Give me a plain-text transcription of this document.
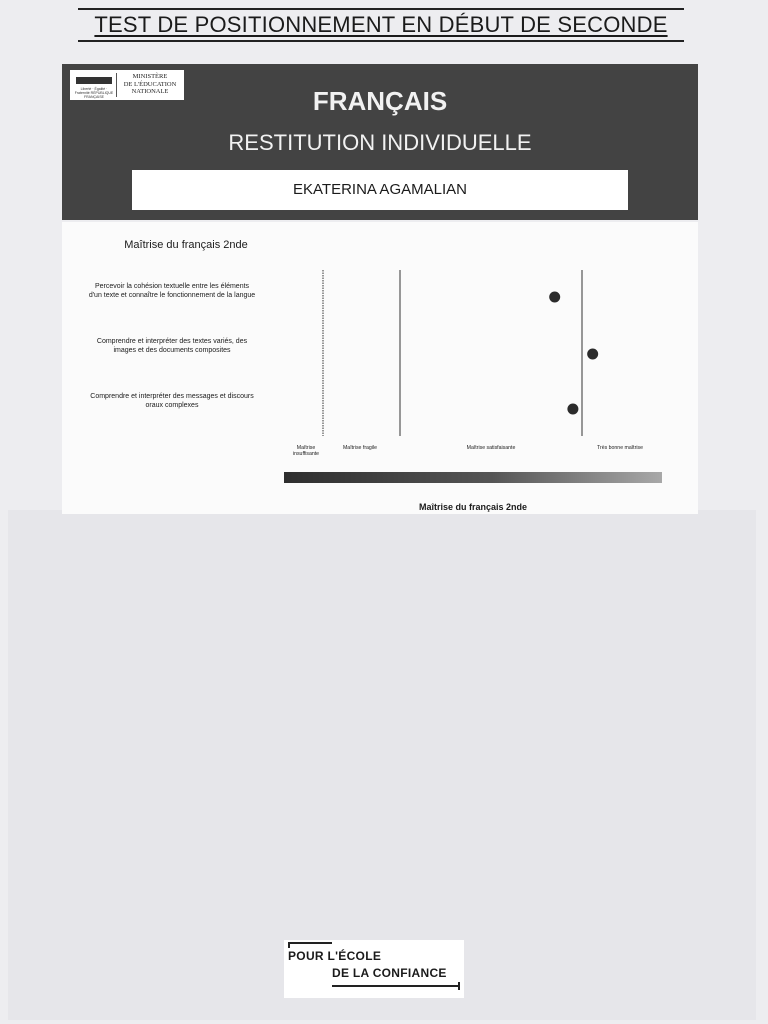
TEST DE POSITIONNEMENT EN DÉBUT DE SECONDE
Liberté · Égalité · Fraternité RÉPUBLIQUE FRANÇAISE
MINISTÈRE
DE L'ÉDUCATION
NATIONALE	FRANÇAIS
RESTITUTION INDIVIDUELLE
EKATERINA AGAMALIAN
Maîtrise du français 2nde
Percevoir la cohésion textuelle entre les éléments d'un texte et connaître le fonctionnement de la langue
Comprendre et interpréter des textes variés, des images et des documents composites
Comprendre et interpréter des messages et discours oraux complexes
Maîtrise insuffisante
Maîtrise fragile	Maîtrise satisfaisante	Très bonne maîtrise
Maîtrise du français 2nde
POUR L'ÉCOLE
DE LA CONFIANCE
